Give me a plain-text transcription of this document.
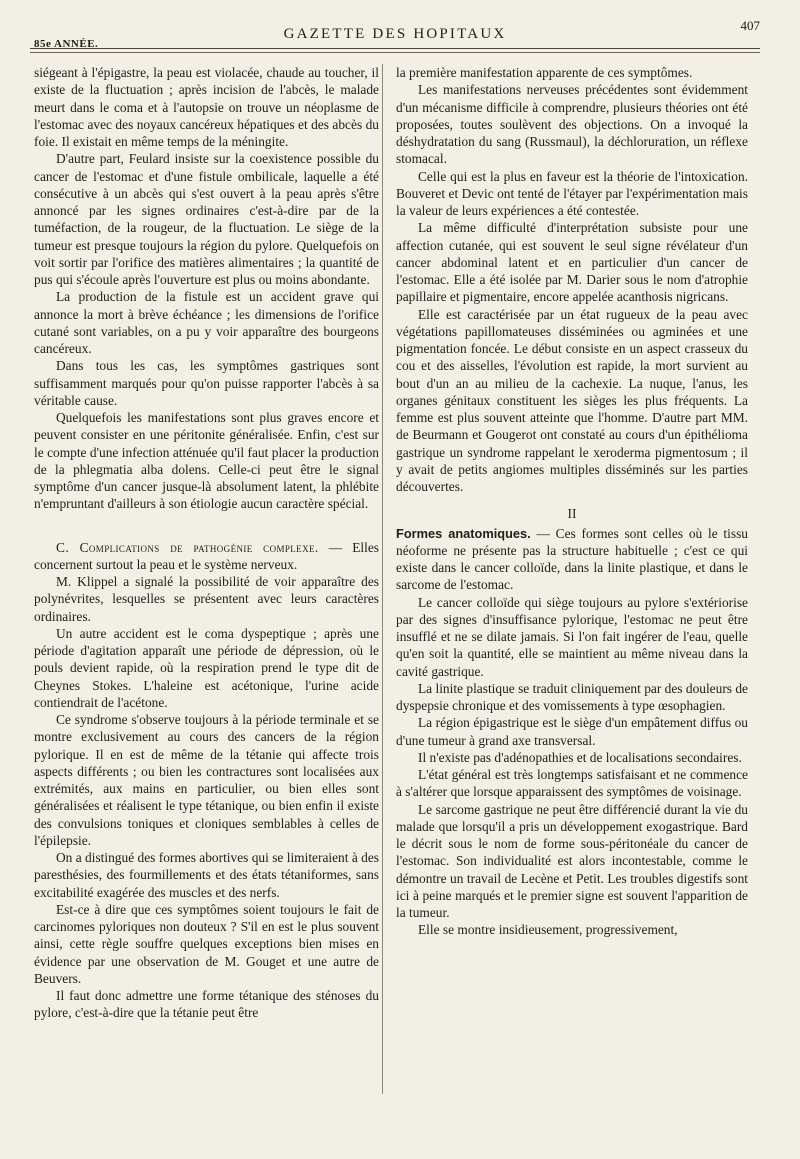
85e ANNÉE.
GAZETTE DES HOPITAUX
407

siégeant à l'épigastre, la peau est violacée, chaude au toucher, il existe de la fluctuation ; après incision de l'abcès, le malade meurt dans le coma et à l'autopsie on trouve un néoplasme de l'estomac avec des noyaux cancéreux hépatiques et des abcès du foie. Il existait en même temps de la méningite.

D'autre part, Feulard insiste sur la coexistence possible du cancer de l'estomac et d'une fistule ombilicale, laquelle a été consécutive à un abcès qui s'est ouvert à la peau après s'être annoncé par les signes ordinaires c'est-à-dire par de la tuméfaction, de la rougeur, de la fluctuation. Le siège de la tumeur est presque toujours la région du pylore. Quelquefois on voit sortir par l'orifice des matières alimentaires ; la quantité de pus qui s'écoule après l'ouverture est plus ou moins abondante.

La production de la fistule est un accident grave qui annonce la mort à brève échéance ; les dimensions de l'orifice cutané sont variables, on a pu y voir apparaître des bourgeons cancéreux.

Dans tous les cas, les symptômes gastriques sont suffisamment marqués pour qu'on puisse rapporter l'abcès à sa véritable cause.

Quelquefois les manifestations sont plus graves encore et peuvent consister en une péritonite généralisée. Enfin, c'est sur le compte d'une infection atténuée qu'il faut placer la production de la phlegmatia alba dolens. Celle-ci peut être le signal symptôme d'un cancer jusque-là absolument latent, la phlébite n'empruntant d'ailleurs à son étiologie aucun caractère spécial.

C. Complications de pathogénie complexe. — Elles concernent surtout la peau et le système nerveux.

M. Klippel a signalé la possibilité de voir apparaître des polynévrites, lesquelles se présentent avec leurs caractères ordinaires.

Un autre accident est le coma dyspeptique ; après une période d'agitation apparaît une période de dépression, où le pouls devient rapide, où la respiration prend le type dit de Cheynes Stokes. L'haleine est acétonique, l'urine acide contiendrait de l'acétone.

Ce syndrome s'observe toujours à la période terminale et se montre exclusivement au cours des cancers de la région pylorique. Il en est de même de la tétanie qui affecte trois aspects différents ; ou bien les contractures sont localisées aux extrémités, aux mains en particulier, ou bien elles sont généralisées et réalisent le type tétanique, ou bien enfin il existe des convulsions toniques et cloniques semblables à celles de l'épilepsie.

On a distingué des formes abortives qui se limiteraient à des paresthésies, des fourmillements et des états tétaniformes, sans excitabilité exagérée des muscles et des nerfs.

Est-ce à dire que ces symptômes soient toujours le fait de carcinomes pyloriques non douteux ? S'il en est le plus souvent ainsi, cette règle souffre quelques exceptions bien mises en évidence par une observation de M. Gouget et une autre de Beuvers.

Il faut donc admettre une forme tétanique des sténoses du pylore, c'est-à-dire que la tétanie peut être

la première manifestation apparente de ces symptômes.

Les manifestations nerveuses précédentes sont évidemment d'un mécanisme difficile à comprendre, plusieurs théories ont été proposées, toutes soulèvent des objections. On a invoqué la déshydratation du sang (Russmaul), la déchloruration, un réflexe stomacal.

Celle qui est la plus en faveur est la théorie de l'intoxication. Bouveret et Devic ont tenté de l'étayer par l'expérimentation mais la valeur de leurs expériences a été contestée.

La même difficulté d'interprétation subsiste pour une affection cutanée, qui est souvent le seul signe révélateur d'un cancer abdominal latent et en particulier d'un cancer de l'estomac. Elle a été isolée par M. Darier sous le nom d'atrophie papillaire et pigmentaire, encore appelée acanthosis nigricans.

Elle est caractérisée par un état rugueux de la peau avec végétations papillomateuses disséminées ou agminées et une pigmentation foncée. Le début consiste en un aspect crasseux du cou et des aisselles, l'évolution est rapide, la mort survient au bout d'un an au milieu de la cachexie. La nuque, l'anus, les organes génitaux constituent les sièges les plus fréquents. La femme est plus souvent atteinte que l'homme. D'autre part MM. de Beurmann et Gougerot ont constaté au cours d'un épithélioma gastrique un syndrome rappelant le xeroderma pigmentosum ; il y avait de petits angiomes multiples disséminés sur les parties découvertes.

II

Formes anatomiques. — Ces formes sont celles où le tissu néoforme ne présente pas la structure habituelle ; c'est ce qui existe dans le cancer colloïde, dans la linite plastique, et dans le sarcome de l'estomac.

Le cancer colloïde qui siège toujours au pylore s'extériorise par des signes d'insuffisance pylorique, l'estomac ne peut être insufflé et ne se dilate jamais. Si l'on fait ingérer de l'eau, quelle qu'en soit la quantité, elle se maintient au même niveau dans la cavité gastrique.

La linite plastique se traduit cliniquement par des douleurs de dyspepsie chronique et des vomissements à type œsophagien.

La région épigastrique est le siège d'un empâtement diffus ou d'une tumeur à grand axe transversal.

Il n'existe pas d'adénopathies et de localisations secondaires.

L'état général est très longtemps satisfaisant et ne commence à s'altérer que lorsque apparaissent des symptômes de voisinage.

Le sarcome gastrique ne peut être différencié durant la vie du malade que lorsqu'il a pris un développement exogastrique. Bard le décrit sous le nom de forme sous-péritonéale du cancer de l'estomac. Son individualité est alors incontestable, comme le démontre un travail de Lecène et Petit. Les troubles digestifs sont ici à peine marqués et le premier signe est souvent l'apparition de la tumeur.

Elle se montre insidieusement, progressivement,
